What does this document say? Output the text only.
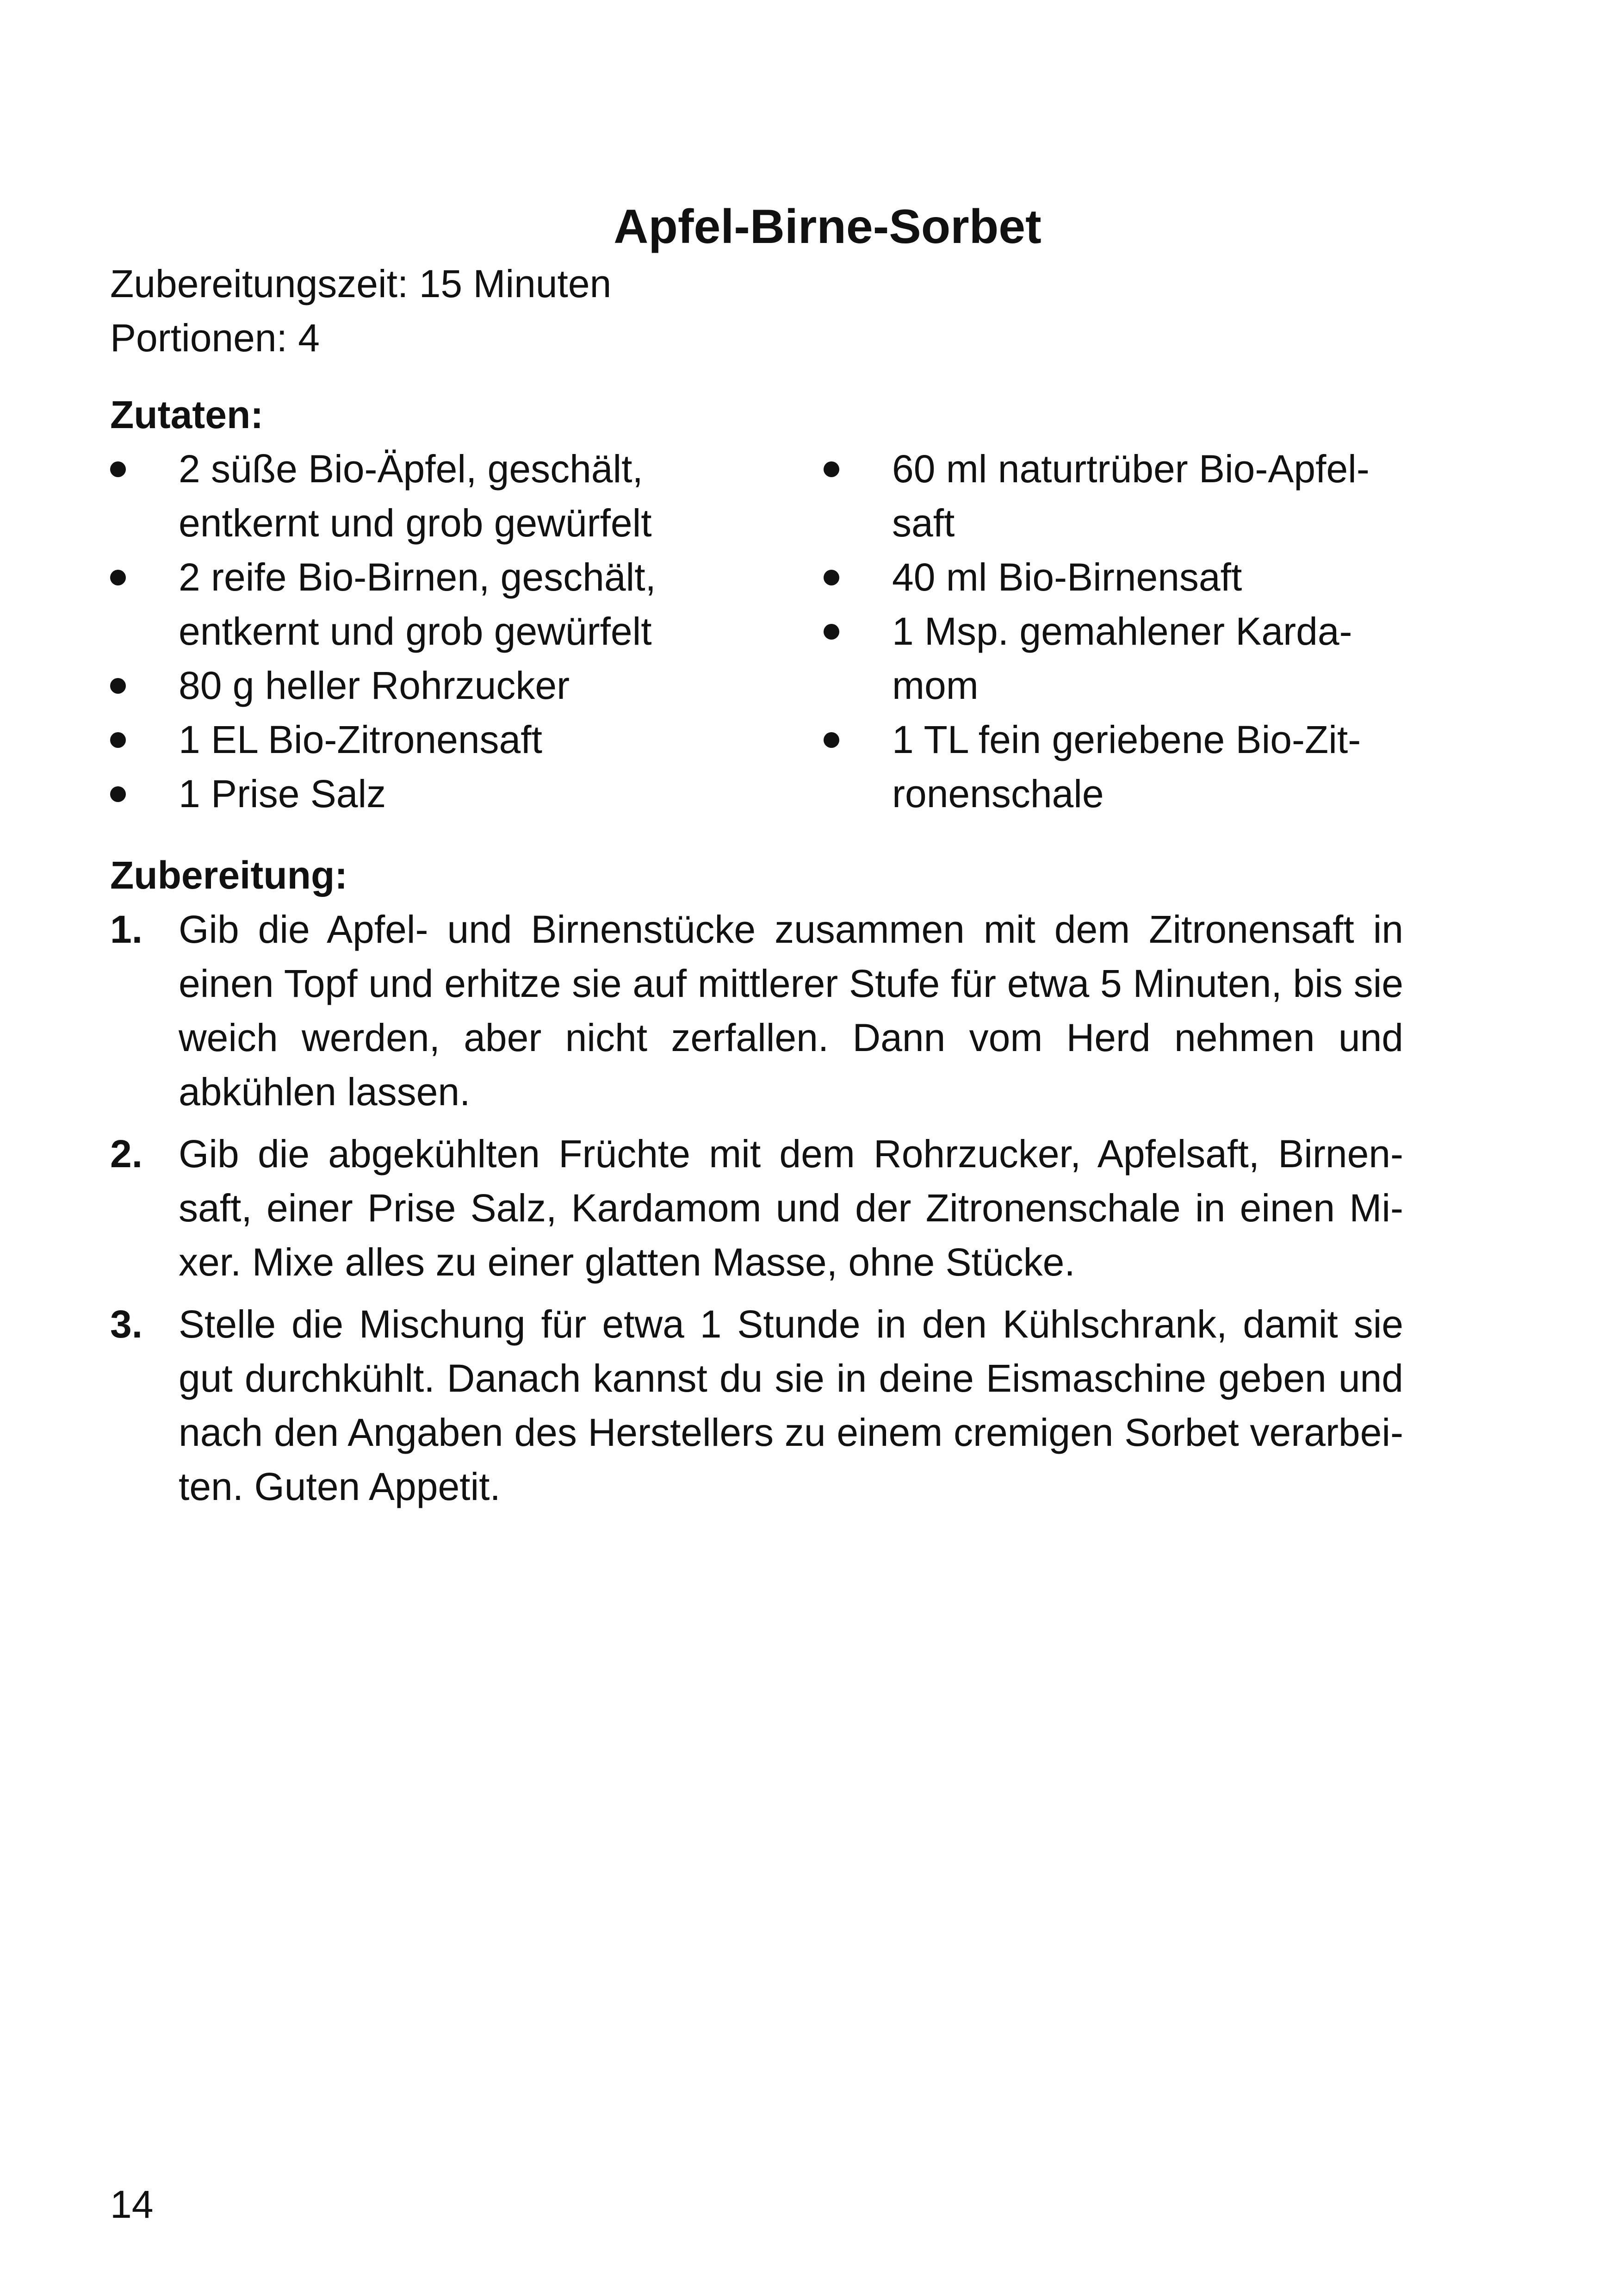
Apfel-Birne-Sorbet
Zubereitungszeit: 15 Minuten
Portionen: 4
Zutaten:
2 süße Bio-Äpfel, geschält, entkernt und grob gewürfelt
2 reife Bio-Birnen, geschält, entkernt und grob gewürfelt
80 g heller Rohrzucker
1 EL Bio-Zitronensaft
1 Prise Salz
60 ml naturtrüber Bio-Apfel- saft
40 ml Bio-Birnensaft
1 Msp. gemahlener Karda- mom
1 TL fein geriebene Bio-Zit- ronenschale
Zubereitung:
1. Gib die Apfel- und Birnenstücke zusammen mit dem Zitronensaft in einen Topf und erhitze sie auf mittlerer Stufe für etwa 5 Minuten, bis sie weich werden, aber nicht zerfallen. Dann vom Herd nehmen und abkühlen lassen.
2. Gib die abgekühlten Früchte mit dem Rohrzucker, Apfelsaft, Birnen- saft, einer Prise Salz, Kardamom und der Zitronenschale in einen Mi- xer. Mixe alles zu einer glatten Masse, ohne Stücke.
3. Stelle die Mischung für etwa 1 Stunde in den Kühlschrank, damit sie gut durchkühlt. Danach kannst du sie in deine Eismaschine geben und nach den Angaben des Herstellers zu einem cremigen Sorbet verarbei- ten. Guten Appetit.
14
